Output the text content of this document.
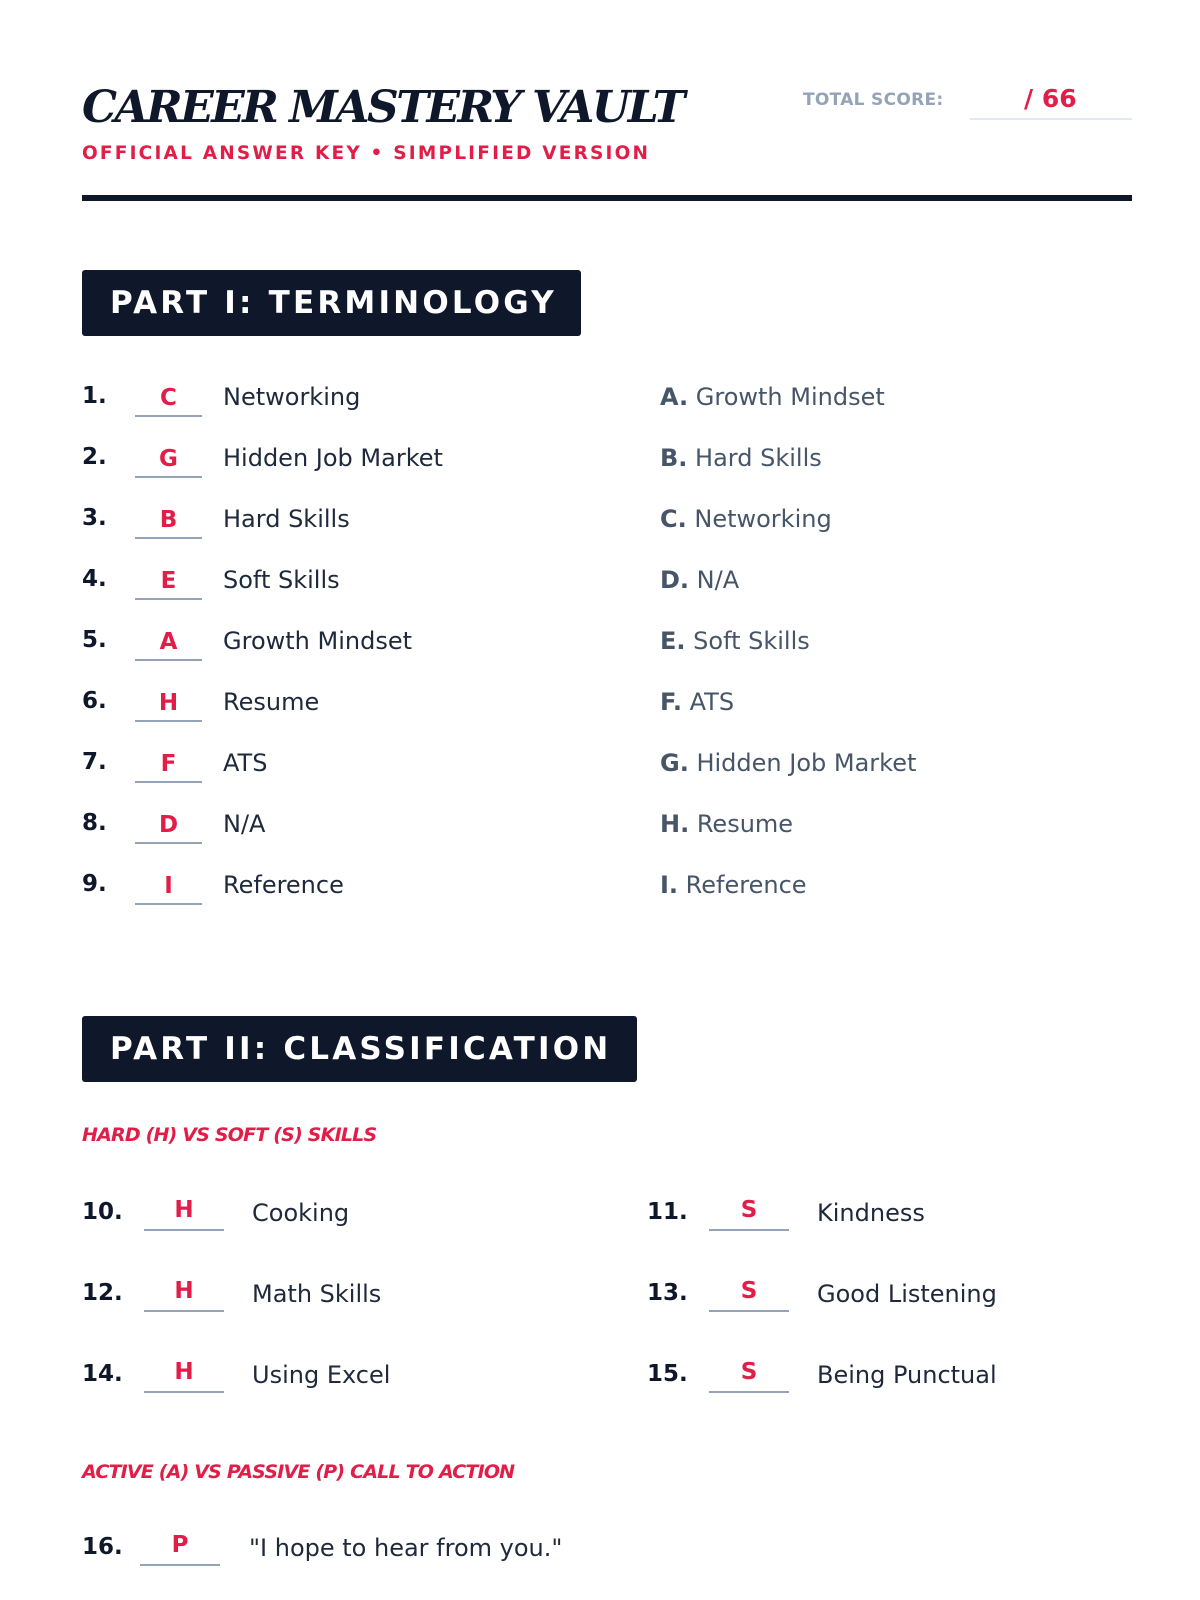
CAREER MASTERY VAULT
OFFICIAL ANSWER KEY • SIMPLIFIED VERSION
TOTAL SCORE:	/ 66
PART I: TERMINOLOGY
1.	C	Networking	A. Growth Mindset
2.	G	Hidden Job Market	B. Hard Skills
3.	B	Hard Skills	C. Networking
4.	E	Soft Skills	D. N/A
5.	A	Growth Mindset	E. Soft Skills
6.	H	Resume	F. ATS
7.	F	ATS	G. Hidden Job Market
8.	D	N/A	H. Resume
9.	I	Reference	I. Reference
PART II: CLASSIFICATION
HARD (H) VS SOFT (S) SKILLS
10.	H	Cooking	11.	S	Kindness
12.	H	Math Skills	13.	S	Good Listening
14.	H	Using Excel	15.	S	Being Punctual
ACTIVE (A) VS PASSIVE (P) CALL TO ACTION
16.	P	"I hope to hear from you."
